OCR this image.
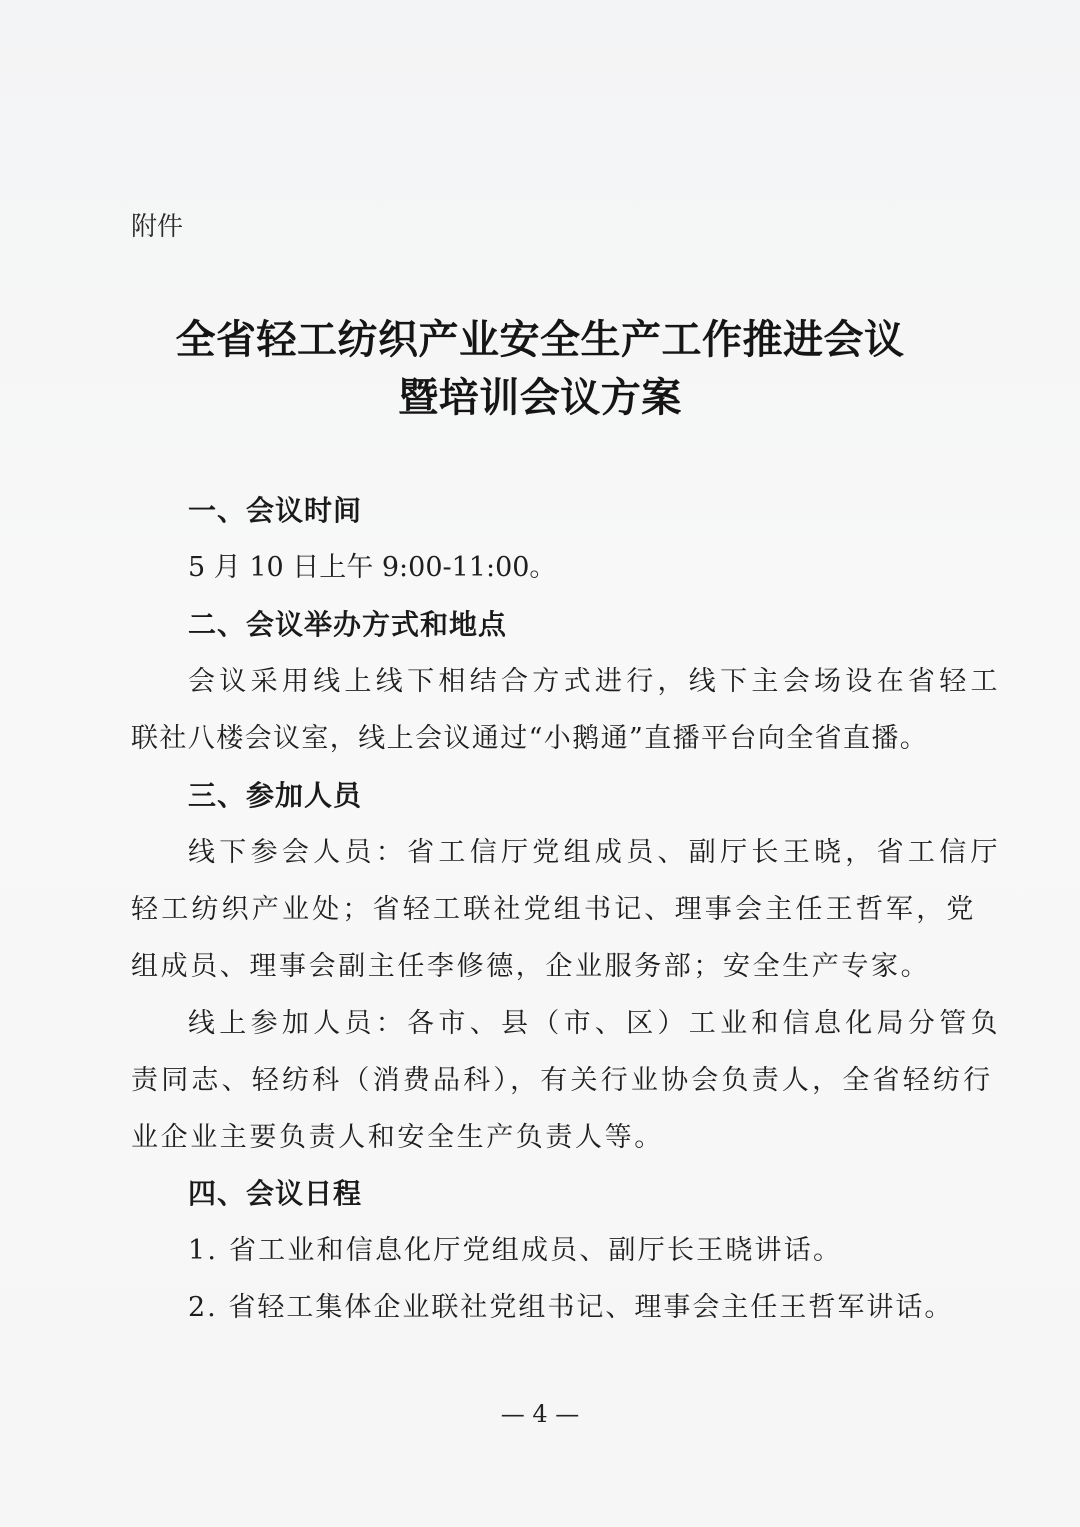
附件
全省轻工纺织产业安全生产工作推进会议
暨培训会议方案
一、会议时间
5 月 10 日上午 9:00-11:00。
二、会议举办方式和地点
会议采用线上线下相结合方式进行，线下主会场设在省轻工
联社八楼会议室，线上会议通过“小鹅通”直播平台向全省直播。
三、参加人员
线下参会人员：省工信厅党组成员、副厅长王晓，省工信厅
轻工纺织产业处；省轻工联社党组书记、理事会主任王哲军，党
组成员、理事会副主任李修德，企业服务部；安全生产专家。
线上参加人员：各市、县（市、区）工业和信息化局分管负
责同志、轻纺科（消费品科），有关行业协会负责人，全省轻纺行
业企业主要负责人和安全生产负责人等。
四、会议日程
1. 省工业和信息化厅党组成员、副厅长王晓讲话。
2. 省轻工集体企业联社党组书记、理事会主任王哲军讲话。
— 4 —
